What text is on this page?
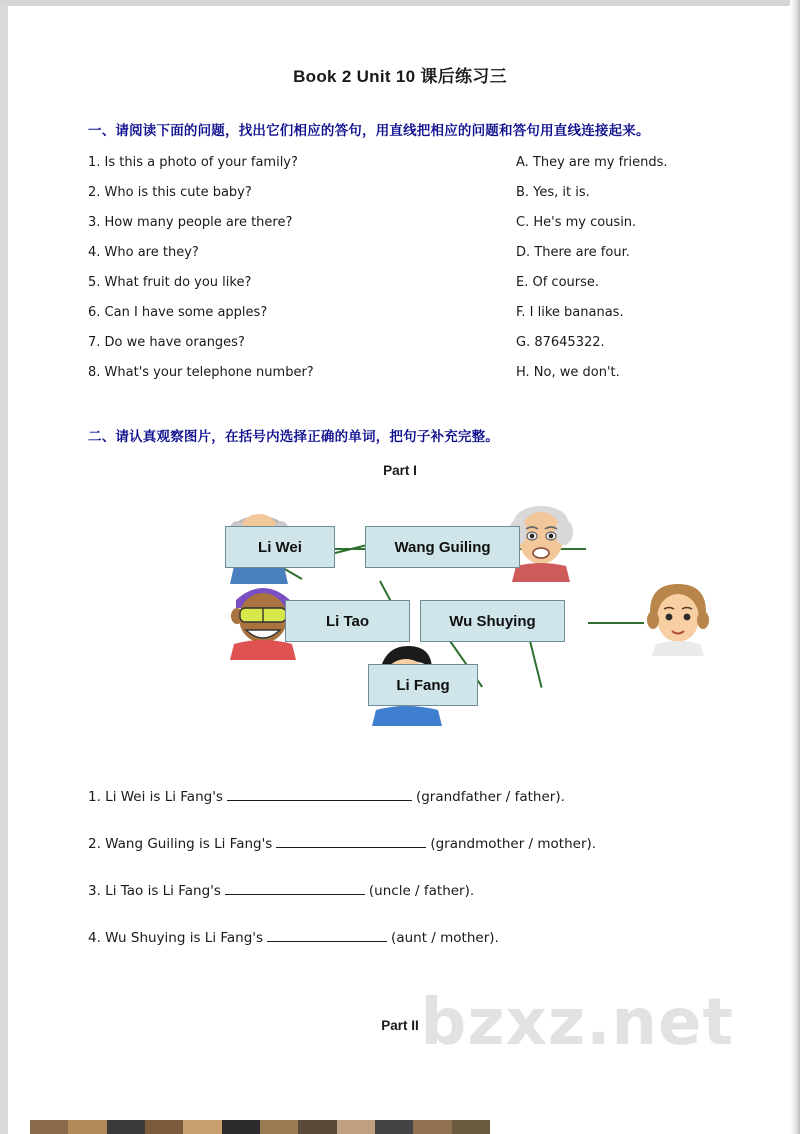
Book 2 Unit 10 课后练习三
一、请阅读下面的问题，找出它们相应的答句，用直线把相应的问题和答句用直线连接起来。
1. Is this a photo of your family?	A. They are my friends.
2. Who is this cute baby?	B. Yes, it is.
3. How many people are there?	C. He's my cousin.
4. Who are they?	D. There are four.
5. What fruit do you like?	E. Of course.
6. Can I have some apples?	F. I like bananas.
7. Do we have oranges?	G. 87645322.
8. What's your telephone number?	H. No, we don't.
二、请认真观察图片，在括号内选择正确的单词，把句子补充完整。
Part I
Li Wei	Wang Guiling
Li Tao	Wu Shuying
Li Fang
1. Li Wei is Li Fang's	(grandfather / father).
2. Wang Guiling is Li Fang's	(grandmother / mother).
3. Li Tao is Li Fang's	(uncle / father).
4. Wu Shuying is Li Fang's	(aunt / mother).
Part II bzxz.net
